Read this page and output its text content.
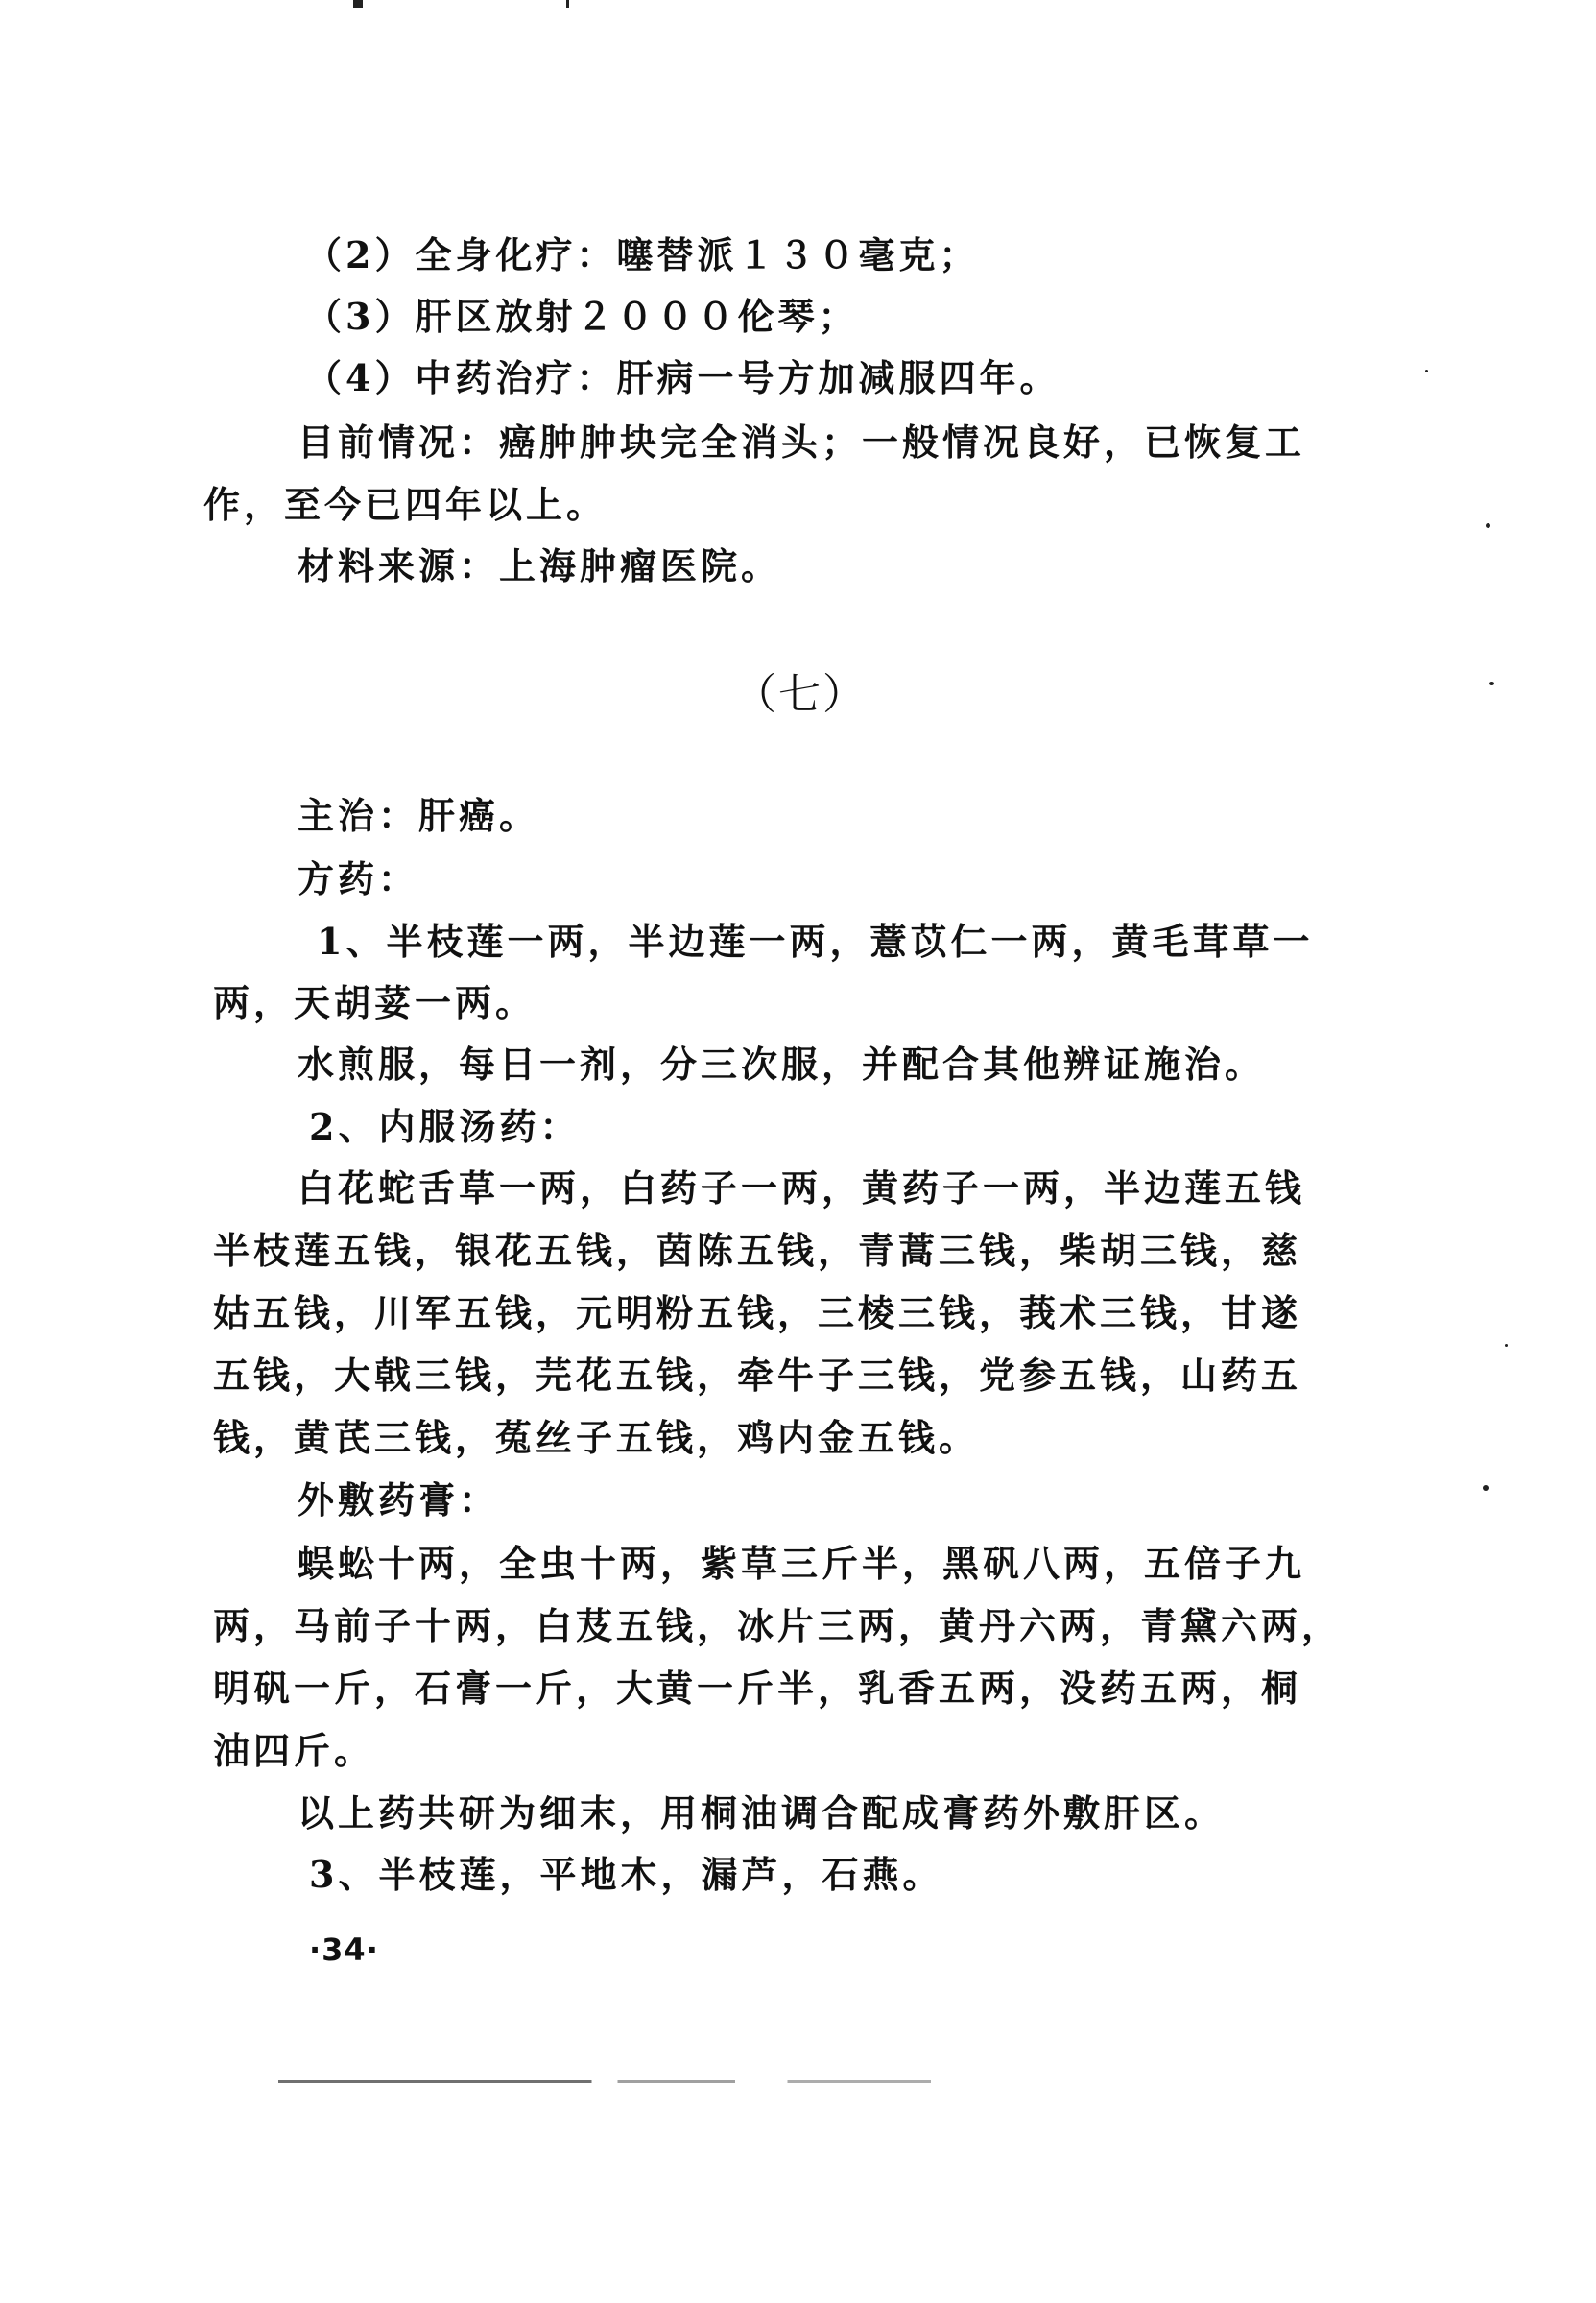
（2）全身化疗：噻替派１３０毫克；
（3）肝区放射２０００伦琴；
（4）中药治疗：肝病一号方加减服四年。
目前情况：癌肿肿块完全消头；一般情况良好，已恢复工
作，至今已四年以上。
材料来源：上海肿瘤医院。
（七）
主治：肝癌。
方药：
1、半枝莲一两，半边莲一两，薏苡仁一两，黄毛茸草一
两，天胡荽一两。
水煎服，每日一剂，分三次服，并配合其他辨证施治。
2、内服汤药：
白花蛇舌草一两，白药子一两，黄药子一两，半边莲五钱
半枝莲五钱，银花五钱，茵陈五钱，青蒿三钱，柴胡三钱，慈
姑五钱，川军五钱，元明粉五钱，三棱三钱，莪术三钱，甘遂
五钱，大戟三钱，芫花五钱，牵牛子三钱，党参五钱，山药五
钱，黄芪三钱，菟丝子五钱，鸡内金五钱。
外敷药膏：
蜈蚣十两，全虫十两，紫草三斤半，黑矾八两，五倍子九
两，马前子十两，白芨五钱，冰片三两，黄丹六两，青黛六两，
明矾一斤，石膏一斤，大黄一斤半，乳香五两，没药五两，桐
油四斤。
以上药共研为细末，用桐油调合配成膏药外敷肝区。
3、半枝莲，平地木，漏芦，石燕。
·34·
